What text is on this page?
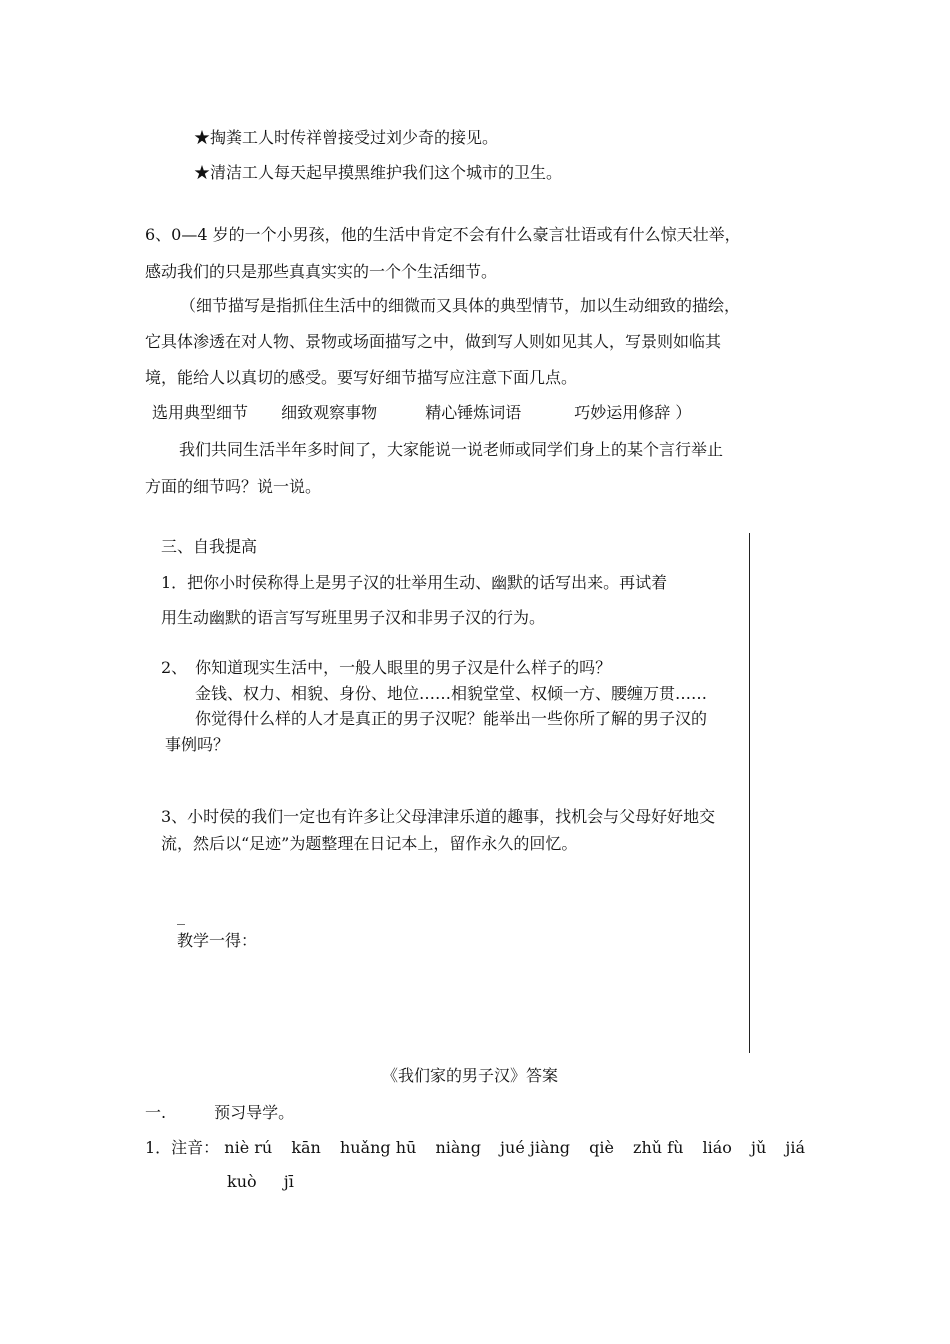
★掏粪工人时传祥曾接受过刘少奇的接见。
★清洁工人每天起早摸黑维护我们这个城市的卫生。
6、0—4 岁的一个小男孩，他的生活中肯定不会有什么豪言壮语或有什么惊天壮举，
感动我们的只是那些真真实实的一个个生活细节。
（细节描写是指抓住生活中的细微而又具体的典型情节，加以生动细致的描绘，
它具体渗透在对人物、景物或场面描写之中，做到写人则如见其人，写景则如临其
境，能给人以真切的感受。要写好细节描写应注意下面几点。
选用典型细节 细致观察事物	精心锤炼词语	巧妙运用修辞 ）
我们共同生活半年多时间了，大家能说一说老师或同学们身上的某个言行举止
方面的细节吗？说一说。
三、自我提高
1．把你小时侯称得上是男子汉的壮举用生动、幽默的话写出来。再试着
用生动幽默的语言写写班里男子汉和非男子汉的行为。
2、　你知道现实生活中，一般人眼里的男子汉是什么样子的吗？
金钱、权力、相貌、身份、地位……相貌堂堂、权倾一方、腰缠万贯……
你觉得什么样的人才是真正的男子汉呢？能举出一些你所了解的男子汉的
事例吗？
3、小时侯的我们一定也有许多让父母津津乐道的趣事，找机会与父母好好地交
流，然后以“足迹”为题整理在日记本上，留作永久的回忆。
_
教学一得：
《我们家的男子汉》答案
一.　　　预习导学。
1．注音： niè rú kān huǎng hū niàng jué jiàng qiè zhǔ fù liáo jǔ jiá
kuò jī
